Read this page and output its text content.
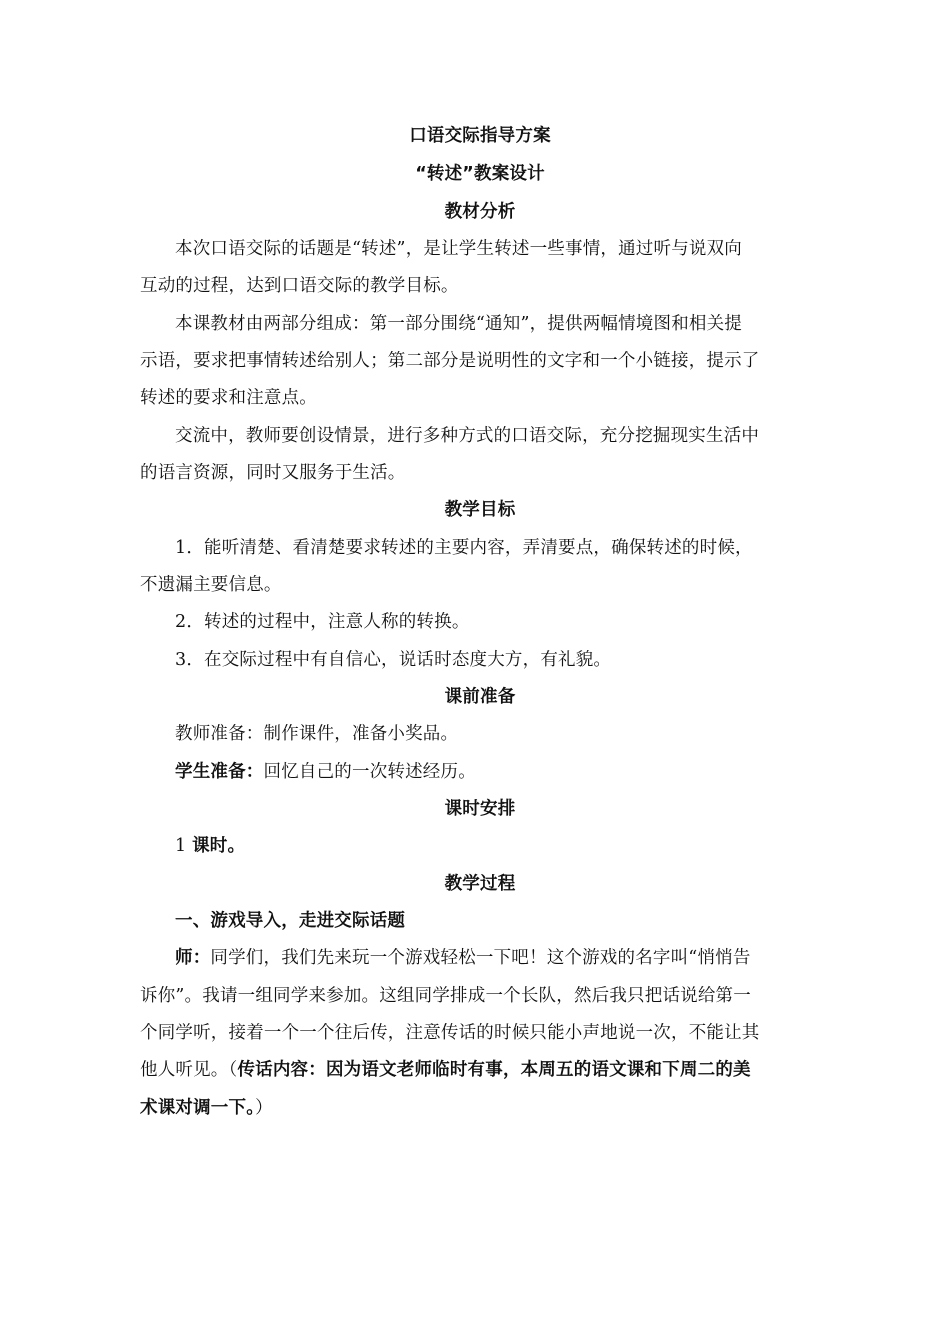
口语交际指导方案
“转述”教案设计
教材分析
本次口语交际的话题是“转述”，是让学生转述一些事情，通过听与说双向
互动的过程，达到口语交际的教学目标。
本课教材由两部分组成：第一部分围绕“通知”，提供两幅情境图和相关提
示语，要求把事情转述给别人；第二部分是说明性的文字和一个小链接，提示了
转述的要求和注意点。
交流中，教师要创设情景，进行多种方式的口语交际，充分挖掘现实生活中
的语言资源，同时又服务于生活。
教学目标
1．能听清楚、看清楚要求转述的主要内容，弄清要点，确保转述的时候，
不遗漏主要信息。
2．转述的过程中，注意人称的转换。
3．在交际过程中有自信心，说话时态度大方，有礼貌。
课前准备
教师准备：制作课件，准备小奖品。
学生准备：回忆自己的一次转述经历。
课时安排
1 课时。
教学过程
一、游戏导入，走进交际话题
师：同学们，我们先来玩一个游戏轻松一下吧！这个游戏的名字叫“悄悄告
诉你”。我请一组同学来参加。这组同学排成一个长队，然后我只把话说给第一
个同学听，接着一个一个往后传，注意传话的时候只能小声地说一次，不能让其
他人听见。（传话内容：因为语文老师临时有事，本周五的语文课和下周二的美
术课对调一下。）
